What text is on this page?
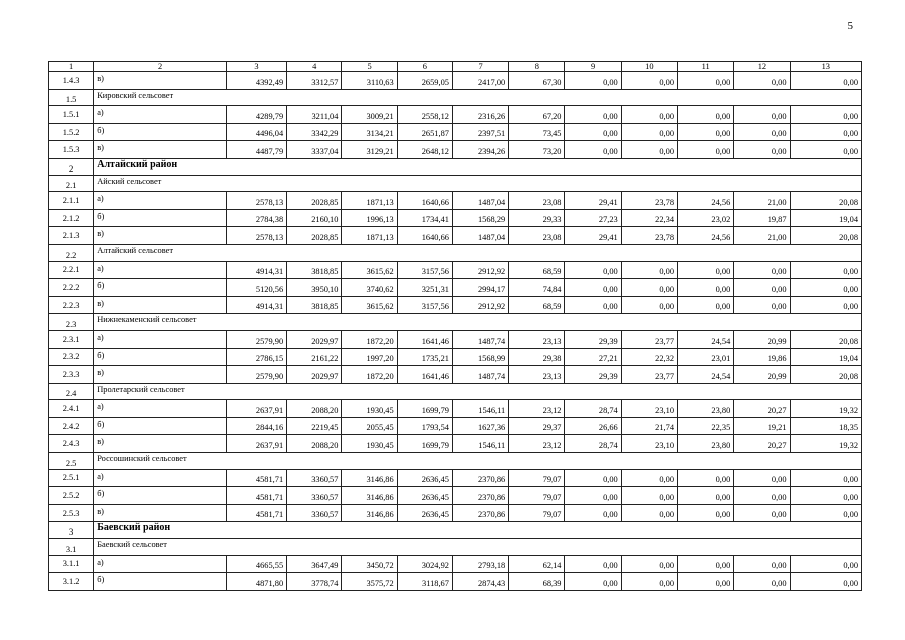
5
1	2	3	4	5	6	7	8	9	10	11	12	13
1.4.3	в)	4392,49	3312,57	3110,63	2659,05	2417,00	67,30	0,00	0,00	0,00	0,00	0,00
1.5	Кировский сельсовет											
1.5.1	а)	4289,79	3211,04	3009,21	2558,12	2316,26	67,20	0,00	0,00	0,00	0,00	0,00
1.5.2	б)	4496,04	3342,29	3134,21	2651,87	2397,51	73,45	0,00	0,00	0,00	0,00	0,00
1.5.3	в)	4487,79	3337,04	3129,21	2648,12	2394,26	73,20	0,00	0,00	0,00	0,00	0,00
2	Алтайский район											
2.1	Айский сельсовет											
2.1.1	а)	2578,13	2028,85	1871,13	1640,66	1487,04	23,08	29,41	23,78	24,56	21,00	20,08
2.1.2	б)	2784,38	2160,10	1996,13	1734,41	1568,29	29,33	27,23	22,34	23,02	19,87	19,04
2.1.3	в)	2578,13	2028,85	1871,13	1640,66	1487,04	23,08	29,41	23,78	24,56	21,00	20,08
2.2	Алтайский сельсовет											
2.2.1	а)	4914,31	3818,85	3615,62	3157,56	2912,92	68,59	0,00	0,00	0,00	0,00	0,00
2.2.2	б)	5120,56	3950,10	3740,62	3251,31	2994,17	74,84	0,00	0,00	0,00	0,00	0,00
2.2.3	в)	4914,31	3818,85	3615,62	3157,56	2912,92	68,59	0,00	0,00	0,00	0,00	0,00
2.3	Нижнекаменский сельсовет											
2.3.1	а)	2579,90	2029,97	1872,20	1641,46	1487,74	23,13	29,39	23,77	24,54	20,99	20,08
2.3.2	б)	2786,15	2161,22	1997,20	1735,21	1568,99	29,38	27,21	22,32	23,01	19,86	19,04
2.3.3	в)	2579,90	2029,97	1872,20	1641,46	1487,74	23,13	29,39	23,77	24,54	20,99	20,08
2.4	Пролетарский сельсовет											
2.4.1	а)	2637,91	2088,20	1930,45	1699,79	1546,11	23,12	28,74	23,10	23,80	20,27	19,32
2.4.2	б)	2844,16	2219,45	2055,45	1793,54	1627,36	29,37	26,66	21,74	22,35	19,21	18,35
2.4.3	в)	2637,91	2088,20	1930,45	1699,79	1546,11	23,12	28,74	23,10	23,80	20,27	19,32
2.5	Россошинский сельсовет											
2.5.1	а)	4581,71	3360,57	3146,86	2636,45	2370,86	79,07	0,00	0,00	0,00	0,00	0,00
2.5.2	б)	4581,71	3360,57	3146,86	2636,45	2370,86	79,07	0,00	0,00	0,00	0,00	0,00
2.5.3	в)	4581,71	3360,57	3146,86	2636,45	2370,86	79,07	0,00	0,00	0,00	0,00	0,00
3	Баевский район											
3.1	Баевский сельсовет											
3.1.1	а)	4665,55	3647,49	3450,72	3024,92	2793,18	62,14	0,00	0,00	0,00	0,00	0,00
3.1.2	б)	4871,80	3778,74	3575,72	3118,67	2874,43	68,39	0,00	0,00	0,00	0,00	0,00
